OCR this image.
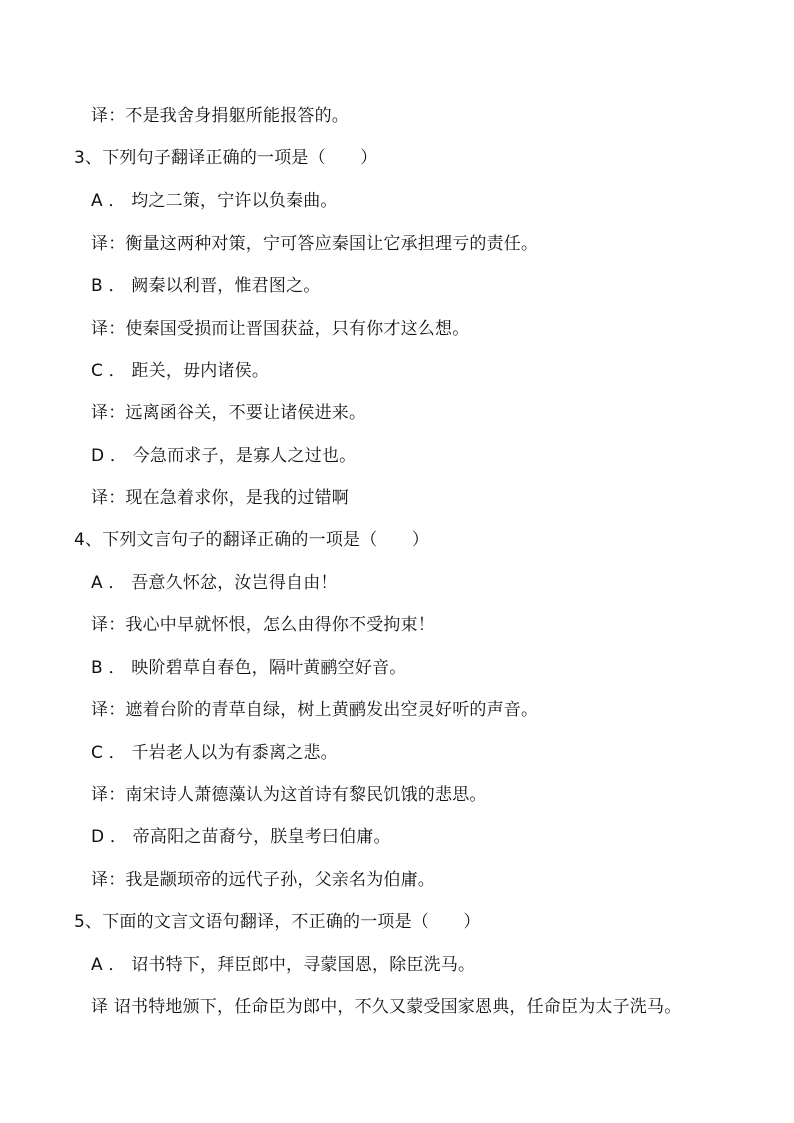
译：不是我舍身捐躯所能报答的。
3、下列句子翻译正确的一项是（　　）
A ． 均之二策，宁许以负秦曲。
译：衡量这两种对策，宁可答应秦国让它承担理亏的责任。
B ． 阙秦以利晋，惟君图之。
译：使秦国受损而让晋国获益，只有你才这么想。
C ． 距关，毋内诸侯。
译：远离函谷关，不要让诸侯进来。
D ． 今急而求子，是寡人之过也。
译：现在急着求你，是我的过错啊
4、下列文言句子的翻译正确的一项是（　　）
A ． 吾意久怀忿，汝岂得自由！
译：我心中早就怀恨，怎么由得你不受拘束！
B ． 映阶碧草自春色，隔叶黄鹂空好音。
译：遮着台阶的青草自绿，树上黄鹂发出空灵好听的声音。
C ． 千岩老人以为有黍离之悲。
译：南宋诗人萧德藻认为这首诗有黎民饥饿的悲思。
D ． 帝高阳之苗裔兮，朕皇考曰伯庸。
译：我是颛顼帝的远代子孙，父亲名为伯庸。
5、下面的文言文语句翻译，不正确的一项是（　　）
A ． 诏书特下，拜臣郎中，寻蒙国恩，除臣洗马。
译 诏书特地颁下，任命臣为郎中，不久又蒙受国家恩典，任命臣为太子洗马。
